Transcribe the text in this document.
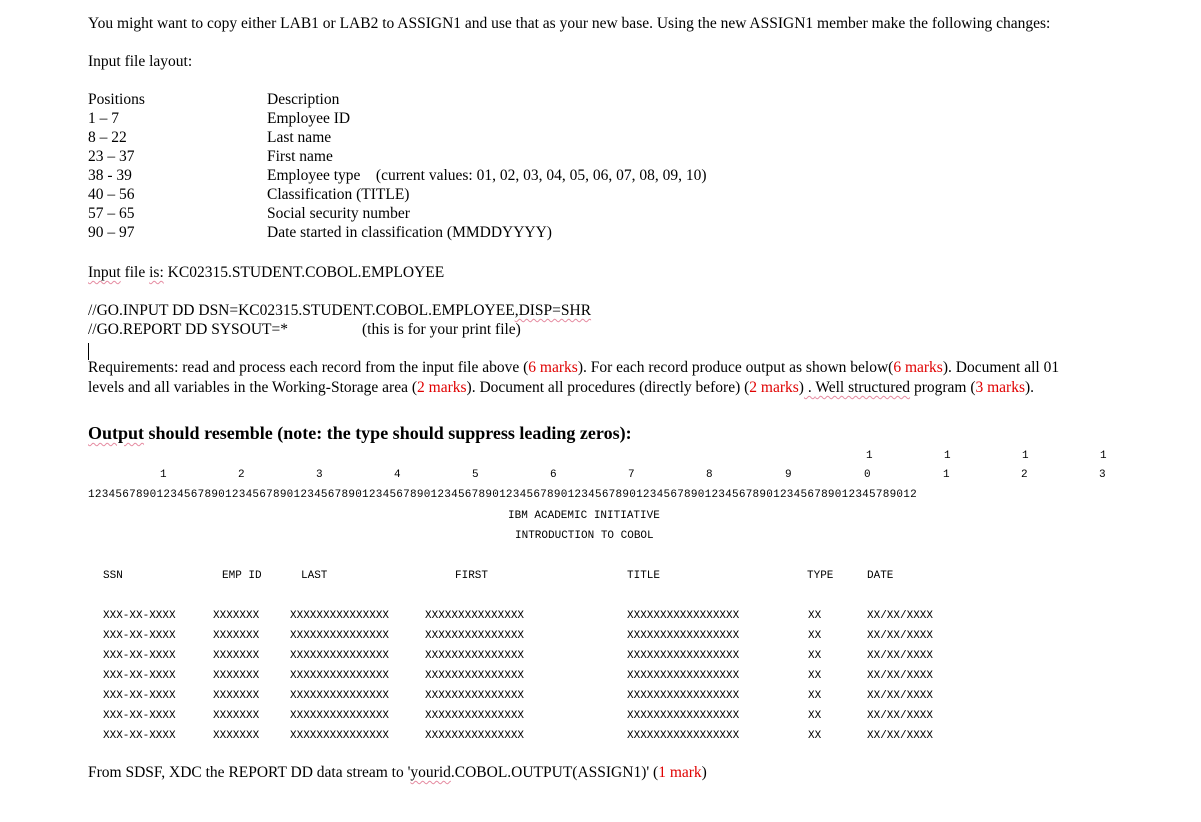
You might want to copy either LAB1 or LAB2 to ASSIGN1 and use that as your new base. Using the new ASSIGN1 member make the following changes:
Input file layout:
Positions	Description
1 – 7	Employee ID
8 – 22	Last name
23 – 37	First name
38 - 39	Employee type    (current values: 01, 02, 03, 04, 05, 06, 07, 08, 09, 10)
40 – 56	Classification (TITLE)
57 – 65	Social security number
90 – 97	Date started in classification (MMDDYYYY)
Input file is: KC02315.STUDENT.COBOL.EMPLOYEE
//GO.INPUT DD DSN=KC02315.STUDENT.COBOL.EMPLOYEE,DISP=SHR
//GO.REPORT DD SYSOUT=*	(this is for your print file)
Requirements: read and process each record from the input file above (6 marks). For each record produce output as shown below(6 marks). Document all 01
levels and all variables in the Working-Storage area (2 marks). Document all procedures (directly before) (2 marks) . Well structured program (3 marks).
Output should resemble (note: the type should suppress leading zeros):
1	1	1	1
1	2	3	4	5	6	7	8	9	0	1	2	3
1234567890123456789012345678901234567890123456789012345678901234567890123456789012345678901234567890123456789012345789012
IBM ACADEMIC INITIATIVE
INTRODUCTION TO COBOL
SSN	EMP ID	LAST	FIRST	TITLE	TYPE	DATE
XXX-XX-XXXX	XXXXXXX	XXXXXXXXXXXXXXX	XXXXXXXXXXXXXXX	XXXXXXXXXXXXXXXXX	XX	XX/XX/XXXX
XXX-XX-XXXX	XXXXXXX	XXXXXXXXXXXXXXX	XXXXXXXXXXXXXXX	XXXXXXXXXXXXXXXXX	XX	XX/XX/XXXX
XXX-XX-XXXX	XXXXXXX	XXXXXXXXXXXXXXX	XXXXXXXXXXXXXXX	XXXXXXXXXXXXXXXXX	XX	XX/XX/XXXX
XXX-XX-XXXX	XXXXXXX	XXXXXXXXXXXXXXX	XXXXXXXXXXXXXXX	XXXXXXXXXXXXXXXXX	XX	XX/XX/XXXX
XXX-XX-XXXX	XXXXXXX	XXXXXXXXXXXXXXX	XXXXXXXXXXXXXXX	XXXXXXXXXXXXXXXXX	XX	XX/XX/XXXX
XXX-XX-XXXX	XXXXXXX	XXXXXXXXXXXXXXX	XXXXXXXXXXXXXXX	XXXXXXXXXXXXXXXXX	XX	XX/XX/XXXX
XXX-XX-XXXX	XXXXXXX	XXXXXXXXXXXXXXX	XXXXXXXXXXXXXXX	XXXXXXXXXXXXXXXXX	XX	XX/XX/XXXX
From SDSF, XDC the REPORT DD data stream to 'yourid.COBOL.OUTPUT(ASSIGN1)' (1 mark)
